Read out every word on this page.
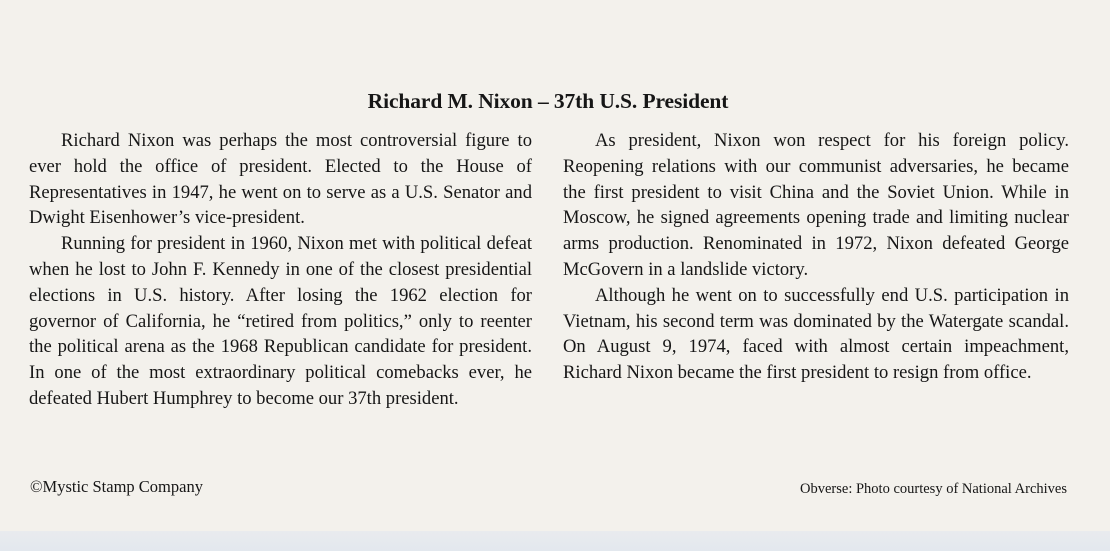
Richard M. Nixon – 37th U.S. President

Richard Nixon was perhaps the most controversial figure to ever hold the office of president. Elected to the House of Representatives in 1947, he went on to serve as a U.S. Senator and Dwight Eisenhower’s vice-president.

Running for president in 1960, Nixon met with political defeat when he lost to John F. Kennedy in one of the closest presidential elections in U.S. history. After losing the 1962 election for governor of California, he “retired from politics,” only to reenter the political arena as the 1968 Republican candidate for president. In one of the most extraordinary political comebacks ever, he defeated Hubert Humphrey to become our 37th president.

As president, Nixon won respect for his foreign policy. Reopening relations with our communist adversaries, he became the first president to visit China and the Soviet Union. While in Moscow, he signed agreements opening trade and limiting nuclear arms production. Renominated in 1972, Nixon defeated George McGovern in a landslide victory.

Although he went on to successfully end U.S. participation in Vietnam, his second term was dominated by the Watergate scandal. On August 9, 1974, faced with almost certain impeachment, Richard Nixon became the first president to resign from office.

©Mystic Stamp Company	Obverse: Photo courtesy of National Archives
